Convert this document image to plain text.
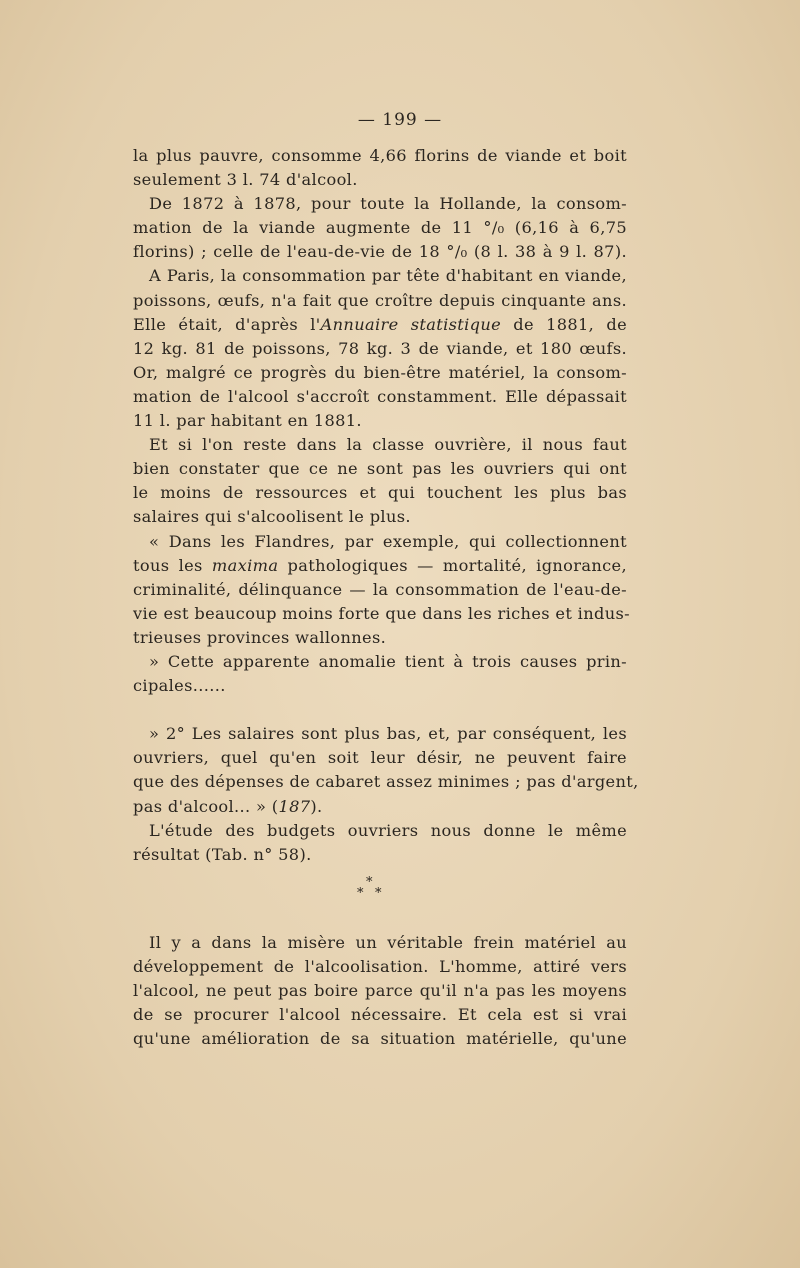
— 199 —
la plus pauvre, consomme 4,66 florins de viande et boit
seulement 3 l. 74 d'alcool.
De 1872 à 1878, pour toute la Hollande, la consom-
mation de la viande augmente de 11 °/₀ (6,16 à 6,75
florins) ; celle de l'eau-de-vie de 18 °/₀ (8 l. 38 à 9 l. 87).
A Paris, la consommation par tête d'habitant en viande,
poissons, œufs, n'a fait que croître depuis cinquante ans.
Elle était, d'après l'Annuaire statistique de 1881, de
12 kg. 81 de poissons, 78 kg. 3 de viande, et 180 œufs.
Or, malgré ce progrès du bien-être matériel, la consom-
mation de l'alcool s'accroît constamment. Elle dépassait
11 l. par habitant en 1881.
Et si l'on reste dans la classe ouvrière, il nous faut
bien constater que ce ne sont pas les ouvriers qui ont
le moins de ressources et qui touchent les plus bas
salaires qui s'alcoolisent le plus.
« Dans les Flandres, par exemple, qui collectionnent
tous les maxima pathologiques — mortalité, ignorance,
criminalité, délinquance — la consommation de l'eau-de-
vie est beaucoup moins forte que dans les riches et indus-
trieuses provinces wallonnes.
» Cette apparente anomalie tient à trois causes prin-
cipales......
» 2° Les salaires sont plus bas, et, par conséquent, les
ouvriers, quel qu'en soit leur désir, ne peuvent faire
que des dépenses de cabaret assez minimes ; pas d'argent,
pas d'alcool... » (187).
L'étude des budgets ouvriers nous donne le même
résultat (Tab. n° 58).
*
* *
Il y a dans la misère un véritable frein matériel au
développement de l'alcoolisation. L'homme, attiré vers
l'alcool, ne peut pas boire parce qu'il n'a pas les moyens
de se procurer l'alcool nécessaire. Et cela est si vrai
qu'une amélioration de sa situation matérielle, qu'une
